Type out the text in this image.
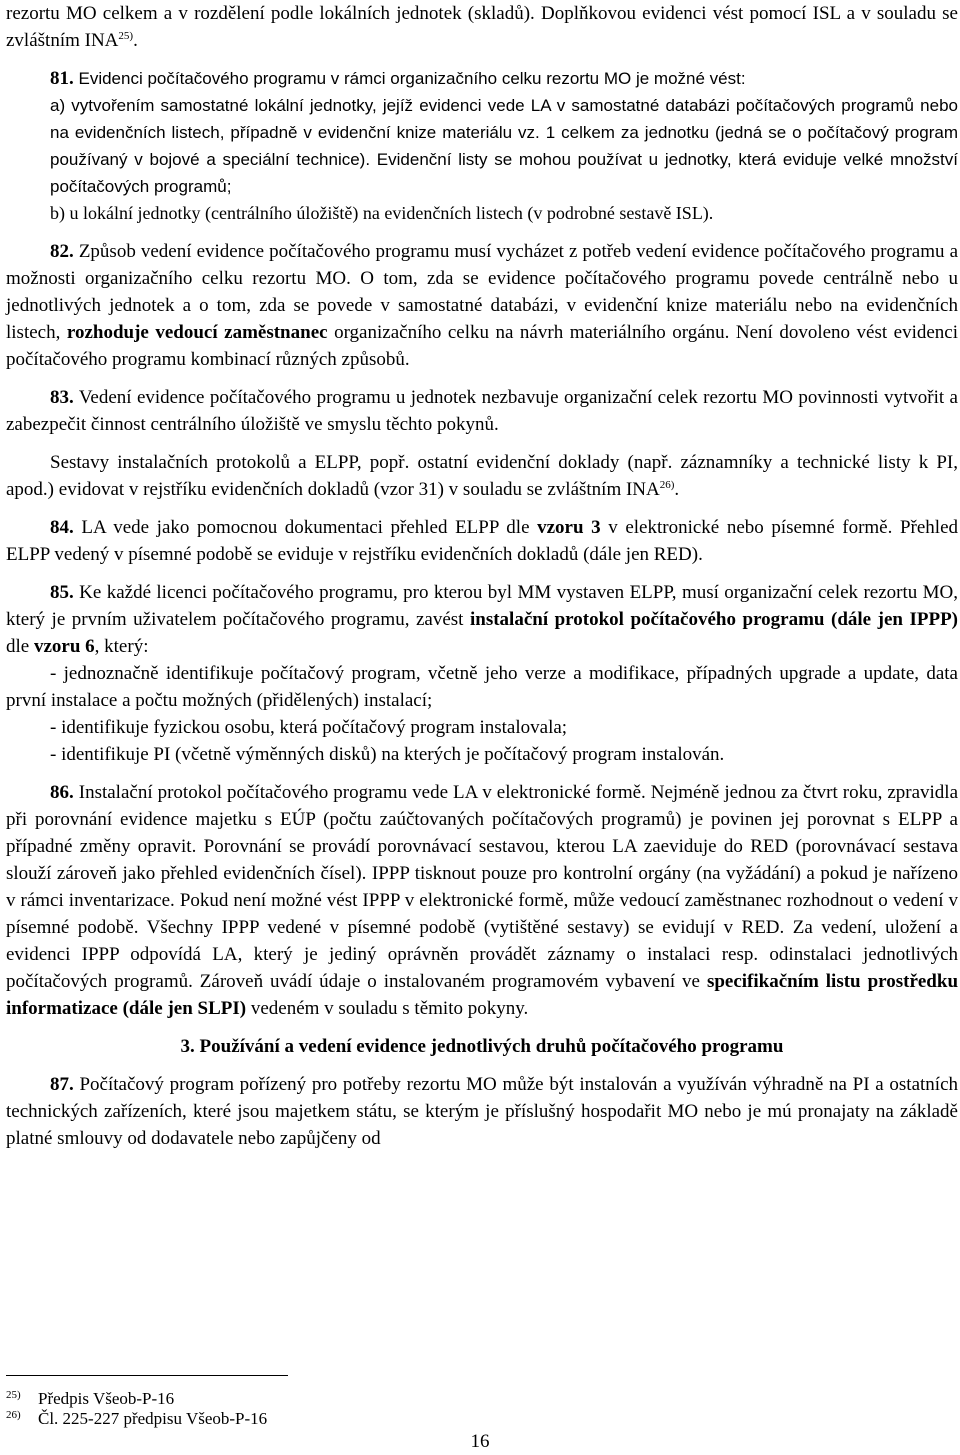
rezortu MO celkem a v rozdělení podle lokálních jednotek (skladů). Doplňkovou evidenci vést pomocí ISL a v souladu se zvláštním INA$^{25)}$.

81. Evidenci počítačového programu v rámci organizačního celku rezortu MO je možné vést:

a) vytvořením samostatné lokální jednotky, jejíž evidenci vede LA v samostatné databázi počítačových programů nebo na evidenčních listech, případně v evidenční knize materiálu vz. 1 celkem za jednotku (jedná se o počítačový program používaný v bojové a speciální technice). Evidenční listy se mohou používat u jednotky, která eviduje velké množství počítačových programů;

b) u lokální jednotky (centrálního úložiště) na evidenčních listech (v podrobné sestavě ISL).

82. Způsob vedení evidence počítačového programu musí vycházet z potřeb vedení evidence počítačového programu a možnosti organizačního celku rezortu MO. O tom, zda se evidence počítačového programu povede centrálně nebo u jednotlivých jednotek a o tom, zda se povede v samostatné databázi, v evidenční knize materiálu nebo na evidenčních listech, rozhoduje vedoucí zaměstnanec organizačního celku na návrh materiálního orgánu. Není dovoleno vést evidenci počítačového programu kombinací různých způsobů.

83. Vedení evidence počítačového programu u jednotek nezbavuje organizační celek rezortu MO povinnosti vytvořit a zabezpečit činnost centrálního úložiště ve smyslu těchto pokynů.

Sestavy instalačních protokolů a ELPP, popř. ostatní evidenční doklady (např. záznamníky a technické listy k PI, apod.) evidovat v rejstříku evidenčních dokladů (vzor 31) v souladu se zvláštním INA$^{26)}$.

84. LA vede jako pomocnou dokumentaci přehled ELPP dle vzoru 3 v elektronické nebo písemné formě. Přehled ELPP vedený v písemné podobě se eviduje v rejstříku evidenčních dokladů (dále jen RED).

85. Ke každé licenci počítačového programu, pro kterou byl MM vystaven ELPP, musí organizační celek rezortu MO, který je prvním uživatelem počítačového programu, zavést instalační protokol počítačového programu (dále jen IPPP) dle vzoru 6, který:

- jednoznačně identifikuje počítačový program, včetně jeho verze a modifikace, případných upgrade a update, data první instalace a počtu možných (přidělených) instalací;

- identifikuje fyzickou osobu, která počítačový program instalovala;

- identifikuje PI (včetně výměnných disků) na kterých je počítačový program instalován.

86. Instalační protokol počítačového programu vede LA v elektronické formě. Nejméně jednou za čtvrt roku, zpravidla při porovnání evidence majetku s EÚP (počtu zaúčtovaných počítačových programů) je povinen jej porovnat s ELPP a případné změny opravit. Porovnání se provádí porovnávací sestavou, kterou LA zaeviduje do RED (porovnávací sestava slouží zároveň jako přehled evidenčních čísel). IPPP tisknout pouze pro kontrolní orgány (na vyžádání) a pokud je nařízeno v rámci inventarizace. Pokud není možné vést IPPP v elektronické formě, může vedoucí zaměstnanec rozhodnout o vedení v písemné podobě. Všechny IPPP vedené v písemné podobě (vytištěné sestavy) se evidují v RED. Za vedení, uložení a evidenci IPPP odpovídá LA, který je jediný oprávněn provádět záznamy o instalaci resp. odinstalaci jednotlivých počítačových programů. Zároveň uvádí údaje o instalovaném programovém vybavení ve specifikačním listu prostředku informatizace (dále jen SLPI) vedeném v souladu s těmito pokyny.

3. Používání a vedení evidence jednotlivých druhů počítačového programu

87. Počítačový program pořízený pro potřeby rezortu MO může být instalován a využíván výhradně na PI a ostatních technických zařízeních, které jsou majetkem státu, se kterým je příslušný hospodařit MO nebo je mú pronajaty na základě platné smlouvy od dodavatele nebo zapůjčeny od

25) Předpis Všeob-P-16
26) Čl. 225-227 předpisu Všeob-P-16
16
